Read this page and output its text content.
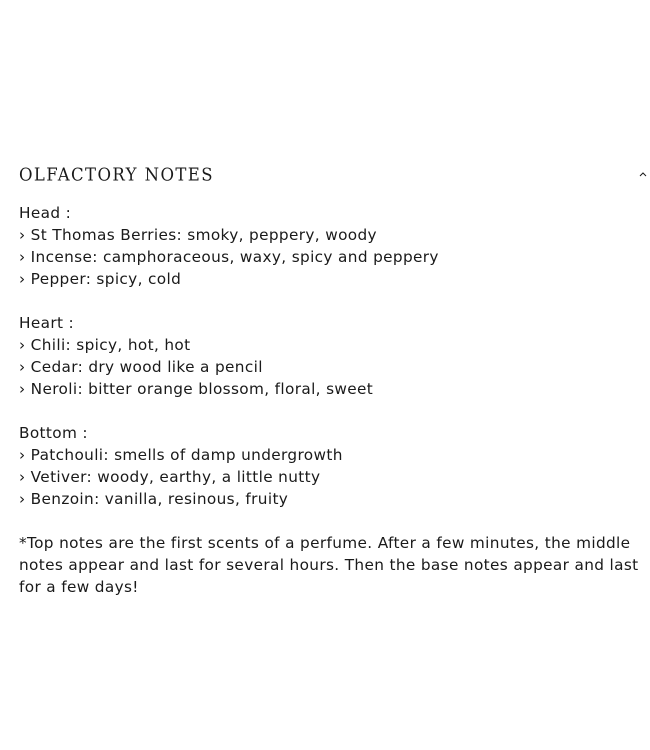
OLFACTORY NOTES
Head :
› St Thomas Berries: smoky, peppery, woody
› Incense: camphoraceous, waxy, spicy and peppery
› Pepper: spicy, cold
Heart :
› Chili: spicy, hot, hot
› Cedar: dry wood like a pencil
› Neroli: bitter orange blossom, floral, sweet
Bottom :
› Patchouli: smells of damp undergrowth
› Vetiver: woody, earthy, a little nutty
› Benzoin: vanilla, resinous, fruity
*Top notes are the first scents of a perfume. After a few minutes, the middle notes appear and last for several hours. Then the base notes appear and last for a few days!
